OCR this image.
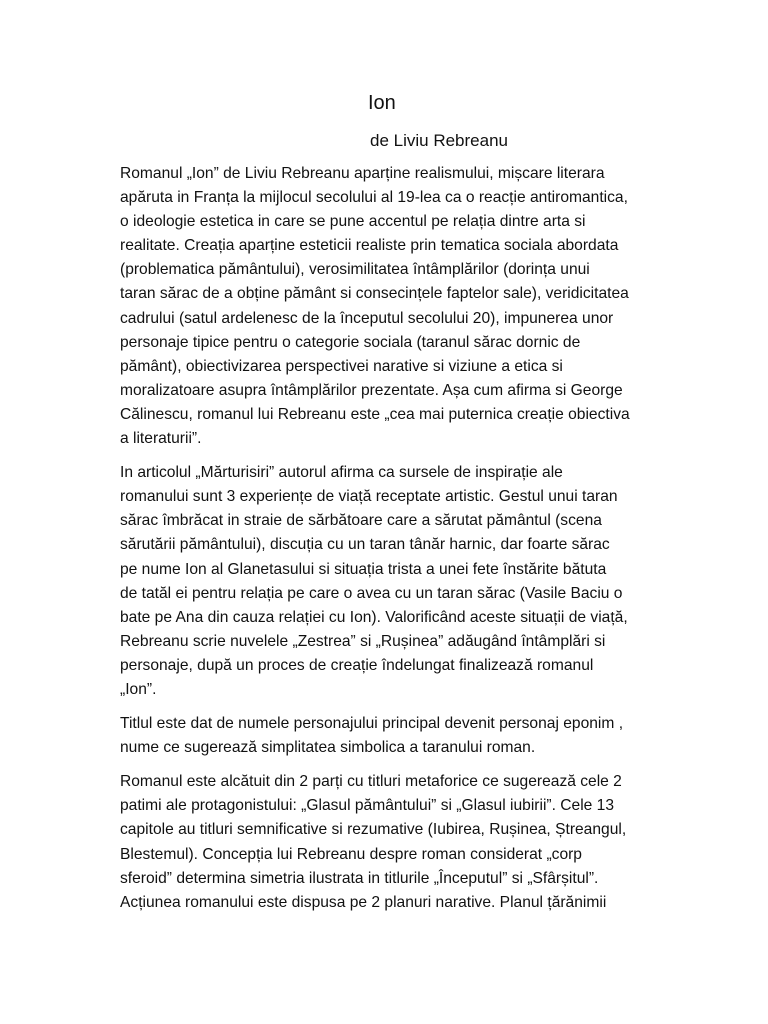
Ion

de Liviu Rebreanu

Romanul „Ion” de Liviu Rebreanu aparține realismului, mișcare literara
apăruta in Franța la mijlocul secolului al 19-lea ca o reacție antiromantica,
o ideologie estetica in care se pune accentul pe relația dintre arta si
realitate. Creația aparține esteticii realiste prin tematica sociala abordata
(problematica pământului), verosimilitatea întâmplărilor (dorința unui
taran sărac de a obține pământ si consecințele faptelor sale), veridicitatea
cadrului (satul ardelenesc de la începutul secolului 20), impunerea unor
personaje tipice pentru o categorie sociala (taranul sărac dornic de
pământ), obiectivizarea perspectivei narative si viziune a etica si
moralizatoare asupra întâmplărilor prezentate. Așa cum afirma si George
Călinescu, romanul lui Rebreanu este „cea mai puternica creație obiectiva
a literaturii”.
In articolul „Mărturisiri” autorul afirma ca sursele de inspirație ale
romanului sunt 3 experiențe de viață receptate artistic. Gestul unui taran
sărac îmbrăcat in straie de sărbătoare care a sărutat pământul (scena
sărutării pământului), discuția cu un taran tânăr harnic, dar foarte sărac
pe nume Ion al Glanetasului si situația trista a unei fete înstărite bătuta
de tatăl ei pentru relația pe care o avea cu un taran sărac (Vasile Baciu o
bate pe Ana din cauza relației cu Ion). Valorificând aceste situații de viață,
Rebreanu scrie nuvelele „Zestrea” si „Rușinea” adăugând întâmplări si
personaje, după un proces de creație îndelungat finalizează romanul
„Ion”.
Titlul este dat de numele personajului principal devenit personaj eponim ,
nume ce sugerează simplitatea simbolica a taranului roman.
Romanul este alcătuit din 2 parți cu titluri metaforice ce sugerează cele 2
patimi ale protagonistului: „Glasul pământului” si „Glasul iubirii”. Cele 13
capitole au titluri semnificative si rezumative (Iubirea, Rușinea, Ștreangul,
Blestemul). Concepția lui Rebreanu despre roman considerat „corp
sferoid” determina simetria ilustrata in titlurile „Începutul” si „Sfârșitul”.
Acțiunea romanului este dispusa pe 2 planuri narative. Planul țărănimii
